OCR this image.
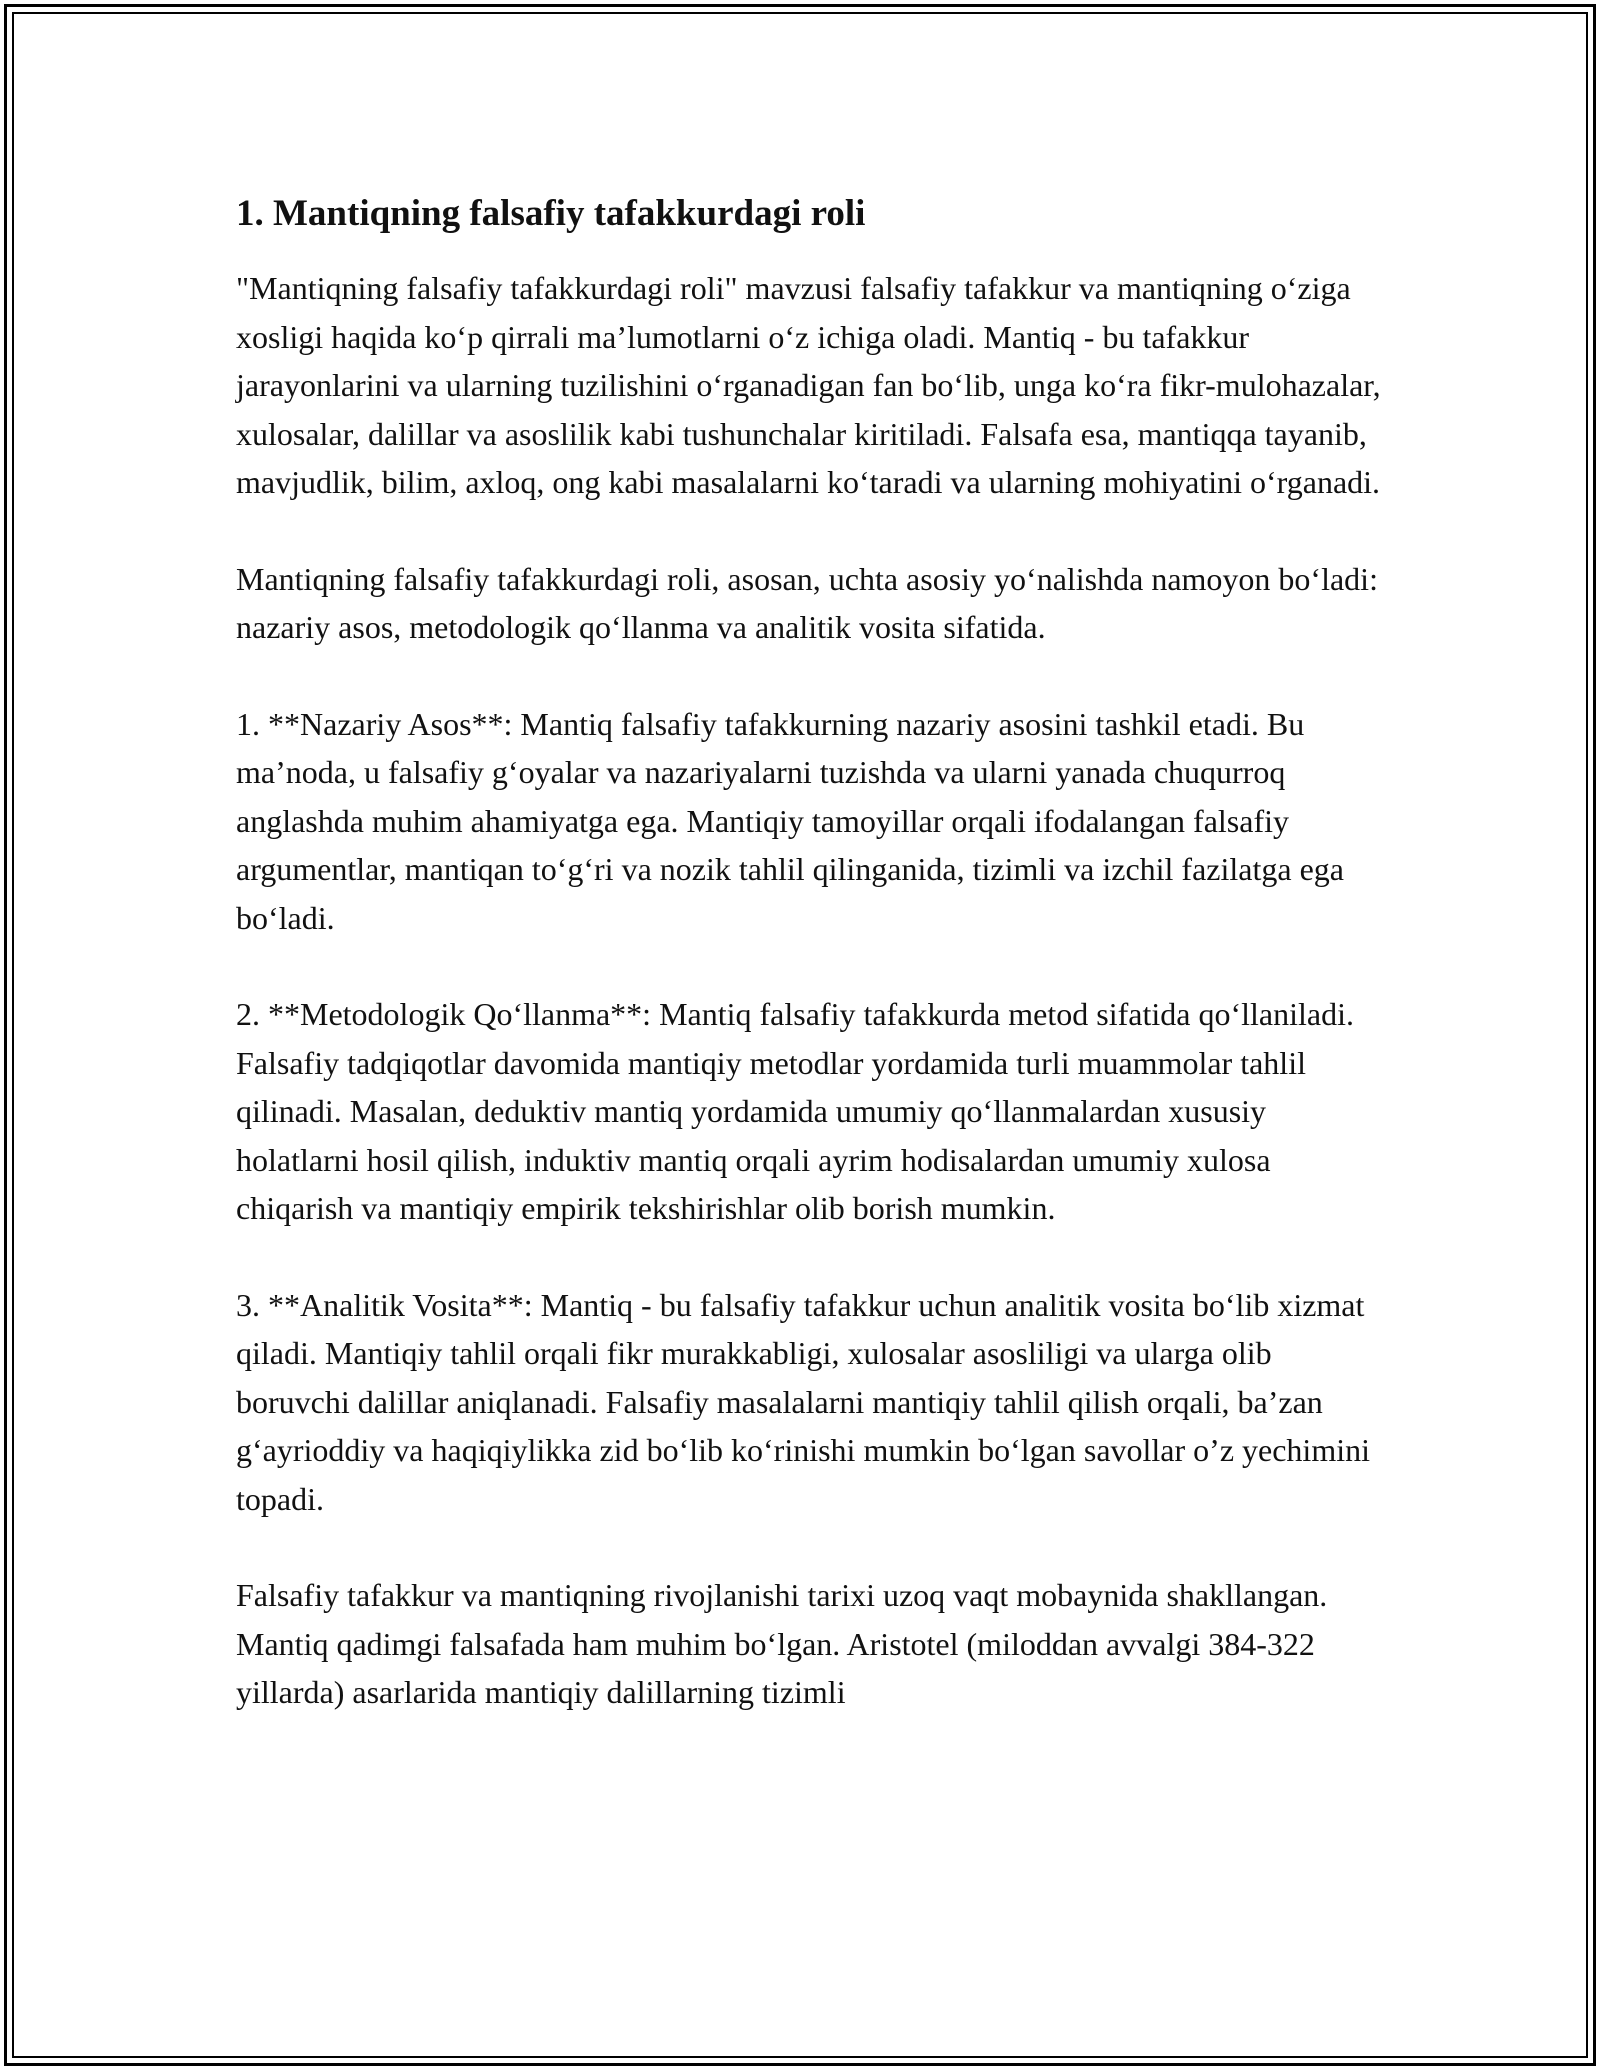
1. Mantiqning falsafiy tafakkurdagi roli

"Mantiqning falsafiy tafakkurdagi roli" mavzusi falsafiy tafakkur va mantiqning o‘ziga xosligi haqida ko‘p qirrali ma’lumotlarni o‘z ichiga oladi. Mantiq - bu tafakkur jarayonlarini va ularning tuzilishini o‘rganadigan fan bo‘lib, unga ko‘ra fikr-mulohazalar, xulosalar, dalillar va asoslilik kabi tushunchalar kiritiladi. Falsafa esa, mantiqqa tayanib, mavjudlik, bilim, axloq, ong kabi masalalarni ko‘taradi va ularning mohiyatini o‘rganadi.

Mantiqning falsafiy tafakkurdagi roli, asosan, uchta asosiy yo‘nalishda namoyon bo‘ladi: nazariy asos, metodologik qo‘llanma va analitik vosita sifatida.

1. **Nazariy Asos**: Mantiq falsafiy tafakkurning nazariy asosini tashkil etadi. Bu ma’noda, u falsafiy g‘oyalar va nazariyalarni tuzishda va ularni yanada chuqurroq anglashda muhim ahamiyatga ega. Mantiqiy tamoyillar orqali ifodalangan falsafiy argumentlar, mantiqan to‘g‘ri va nozik tahlil qilinganida, tizimli va izchil fazilatga ega bo‘ladi.

2. **Metodologik Qo‘llanma**: Mantiq falsafiy tafakkurda metod sifatida qo‘llaniladi. Falsafiy tadqiqotlar davomida mantiqiy metodlar yordamida turli muammolar tahlil qilinadi. Masalan, deduktiv mantiq yordamida umumiy qo‘llanmalardan xususiy holatlarni hosil qilish, induktiv mantiq orqali ayrim hodisalardan umumiy xulosa chiqarish va mantiqiy empirik tekshirishlar olib borish mumkin.

3. **Analitik Vosita**: Mantiq - bu falsafiy tafakkur uchun analitik vosita bo‘lib xizmat qiladi. Mantiqiy tahlil orqali fikr murakkabligi, xulosalar asosliligi va ularga olib boruvchi dalillar aniqlanadi. Falsafiy masalalarni mantiqiy tahlil qilish orqali, ba’zan g‘ayrioddiy va haqiqiylikka zid bo‘lib ko‘rinishi mumkin bo‘lgan savollar o’z yechimini topadi.

Falsafiy tafakkur va mantiqning rivojlanishi tarixi uzoq vaqt mobaynida shakllangan. Mantiq qadimgi falsafada ham muhim bo‘lgan. Aristotel (miloddan avvalgi 384-322 yillarda) asarlarida mantiqiy dalillarning tizimli
